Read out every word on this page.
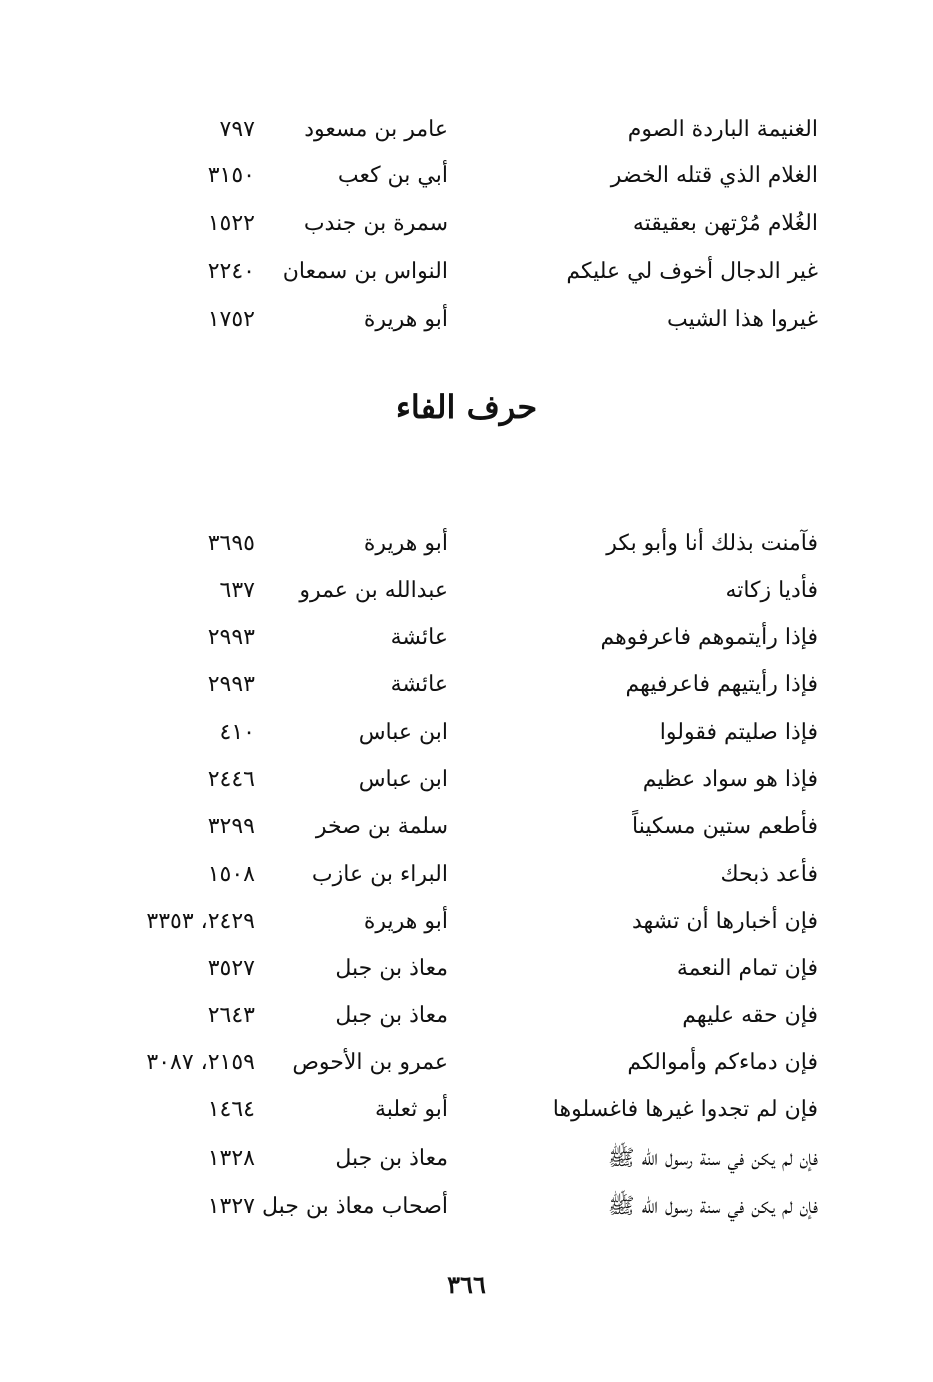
الغنيمة الباردة الصوم
عامر بن مسعود
٧٩٧
الغلام الذي قتله الخضر
أبي بن كعب
٣١٥٠
الغُلام مُرْتهن بعقيقته
سمرة بن جندب
١٥٢٢
غير الدجال أخوف لي عليكم
النواس بن سمعان
٢٢٤٠
غيروا هذا الشيب
أبو هريرة
١٧٥٢
حرف الفاء
فآمنت بذلك أنا وأبو بكر
أبو هريرة
٣٦٩٥
فأديا زكاته
عبدالله بن عمرو
٦٣٧
فإذا رأيتموهم فاعرفوهم
عائشة
٢٩٩٣
فإذا رأيتيهم فاعرفيهم
عائشة
٢٩٩٣
فإذا صليتم فقولوا
ابن عباس
٤١٠
فإذا هو سواد عظيم
ابن عباس
٢٤٤٦
فأطعم ستين مسكيناً
سلمة بن صخر
٣٢٩٩
فأعد ذبحك
البراء بن عازب
١٥٠٨
فإن أخبارها أن تشهد
أبو هريرة
٢٤٢٩، ٣٣٥٣
فإن تمام النعمة
معاذ بن جبل
٣٥٢٧
فإن حقه عليهم
معاذ بن جبل
٢٦٤٣
فإن دماءكم وأموالكم
عمرو بن الأحوص
٢١٥٩، ٣٠٨٧
فإن لم تجدوا غيرها فاغسلوها
أبو ثعلبة
١٤٦٤
فإن لم يكن في سنة رسول الله ﷺ
معاذ بن جبل
١٣٢٨
فإن لم يكن في سنة رسول الله ﷺ
أصحاب معاذ بن جبل
١٣٢٧
٣٦٦
